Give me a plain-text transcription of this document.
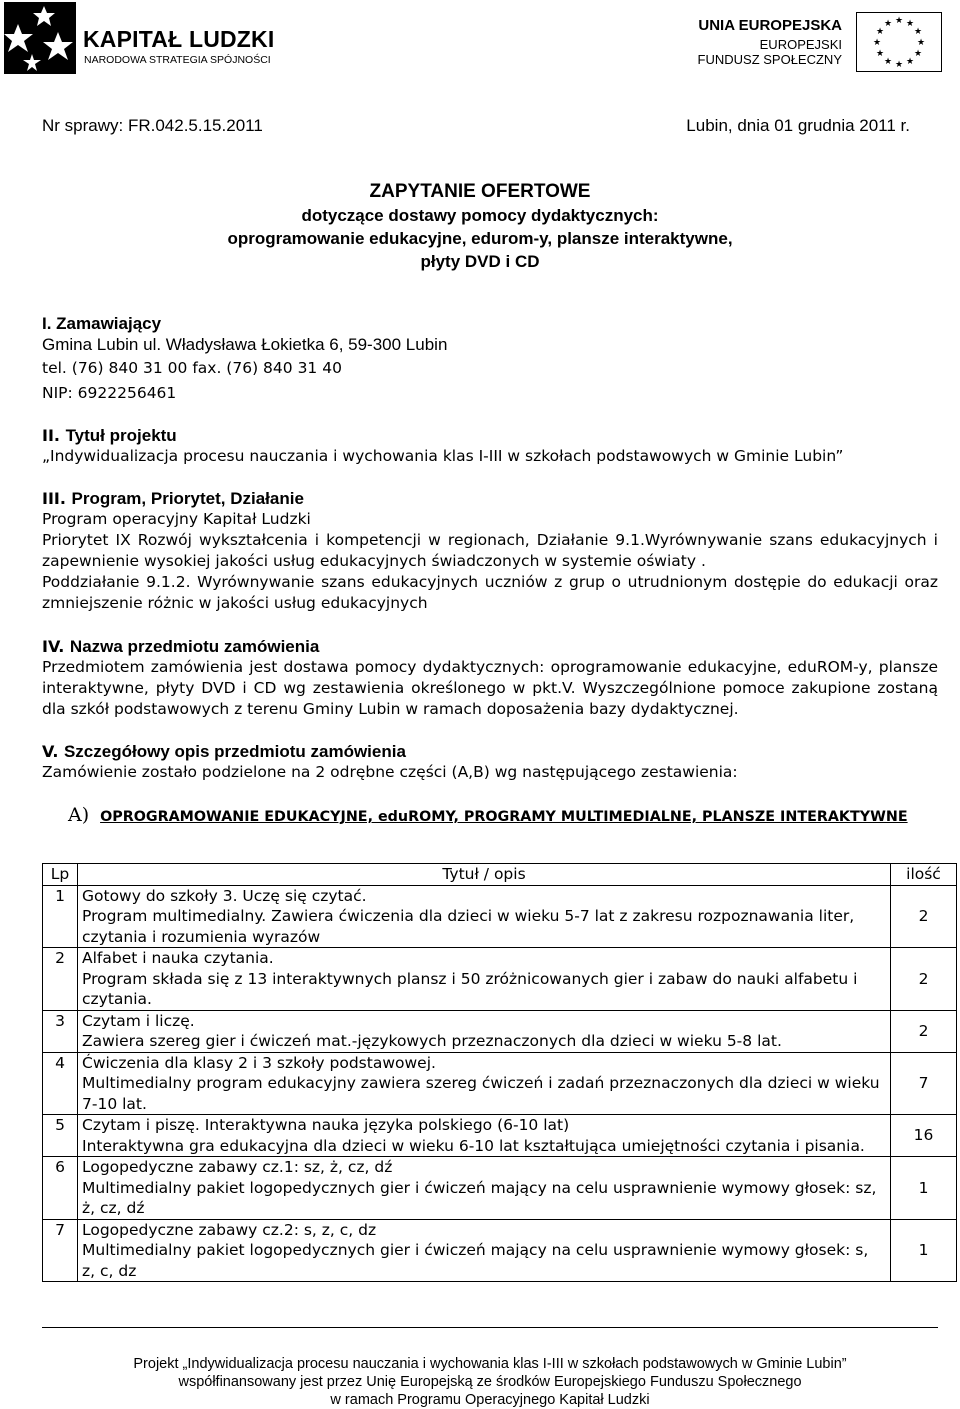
KAPITAŁ LUDZKI
NARODOWA STRATEGIA SPÓJNOŚCI
UNIA EUROPEJSKA
EUROPEJSKI
FUNDUSZ SPOŁECZNY
★ ★
★
★
★
★
★
★
★
★
★
★
Nr sprawy: FR.042.5.15.2011	Lubin, dnia 01 grudnia 2011 r.
ZAPYTANIE OFERTOWE
dotyczące dostawy pomocy dydaktycznych:
oprogramowanie edukacyjne, edurom-y, plansze interaktywne,
płyty DVD i CD
I. Zamawiający
Gmina Lubin ul. Władysława Łokietka 6, 59-300 Lubin
tel. (76) 840 31 00 fax. (76) 840 31 40
NIP: 6922256461
II. Tytuł projektu
„Indywidualizacja procesu nauczania i wychowania klas I-III w szkołach podstawowych w Gminie Lubin”
III. Program, Priorytet, Działanie
Program operacyjny Kapitał Ludzki
Priorytet IX Rozwój wykształcenia i kompetencji w regionach, Działanie 9.1.Wyrównywanie szans edukacyjnych i zapewnienie wysokiej jakości usług edukacyjnych świadczonych w systemie oświaty .
Poddziałanie 9.1.2. Wyrównywanie szans edukacyjnych uczniów z grup o utrudnionym dostępie do edukacji oraz zmniejszenie różnic w jakości usług edukacyjnych
IV. Nazwa przedmiotu zamówienia
Przedmiotem zamówienia jest dostawa pomocy dydaktycznych: oprogramowanie edukacyjne, eduROM-y, plansze interaktywne, płyty DVD i CD wg zestawienia określonego w pkt.V. Wyszczególnione pomoce zakupione zostaną dla szkół podstawowych z terenu Gminy Lubin w ramach doposażenia bazy dydaktycznej.
V. Szczegółowy opis przedmiotu zamówienia
Zamówienie zostało podzielone na 2 odrębne części (A,B) wg następującego zestawienia:
A) OPROGRAMOWANIE EDUKACYJNE, eduROMY, PROGRAMY MULTIMEDIALNE, PLANSZE INTERAKTYWNE
Lp	Tytuł / opis	ilość
1	Gotowy do szkoły 3. Uczę się czytać.
Program multimedialny. Zawiera ćwiczenia dla dzieci w wieku 5-7 lat z zakresu rozpoznawania liter, czytania i rozumienia wyrazów	2
2	Alfabet i nauka czytania.
Program składa się z 13 interaktywnych plansz i 50 zróżnicowanych gier i zabaw do nauki alfabetu i czytania.	2
3	Czytam i liczę.
Zawiera szereg gier i ćwiczeń mat.-językowych przeznaczonych dla dzieci w wieku 5-8 lat.	2
4	Ćwiczenia dla klasy 2 i 3 szkoły podstawowej.
Multimedialny program edukacyjny zawiera szereg ćwiczeń i zadań przeznaczonych dla dzieci w wieku 7-10 lat.	7
5	Czytam i piszę. Interaktywna nauka języka polskiego (6-10 lat)
Interaktywna gra edukacyjna dla dzieci w wieku 6-10 lat kształtująca umiejętności czytania i pisania.	16
6	Logopedyczne zabawy cz.1: sz, ż, cz, dź
Multimedialny pakiet logopedycznych gier i ćwiczeń mający na celu usprawnienie wymowy głosek: sz, ż, cz, dź	1
7	Logopedyczne zabawy cz.2: s, z, c, dz
Multimedialny pakiet logopedycznych gier i ćwiczeń mający na celu usprawnienie wymowy głosek: s, z, c, dz	1
Projekt „Indywidualizacja procesu nauczania i wychowania klas I-III w szkołach podstawowych w Gminie Lubin”
współfinansowany jest przez Unię Europejską ze środków Europejskiego Funduszu Społecznego
w ramach Programu Operacyjnego Kapitał Ludzki
